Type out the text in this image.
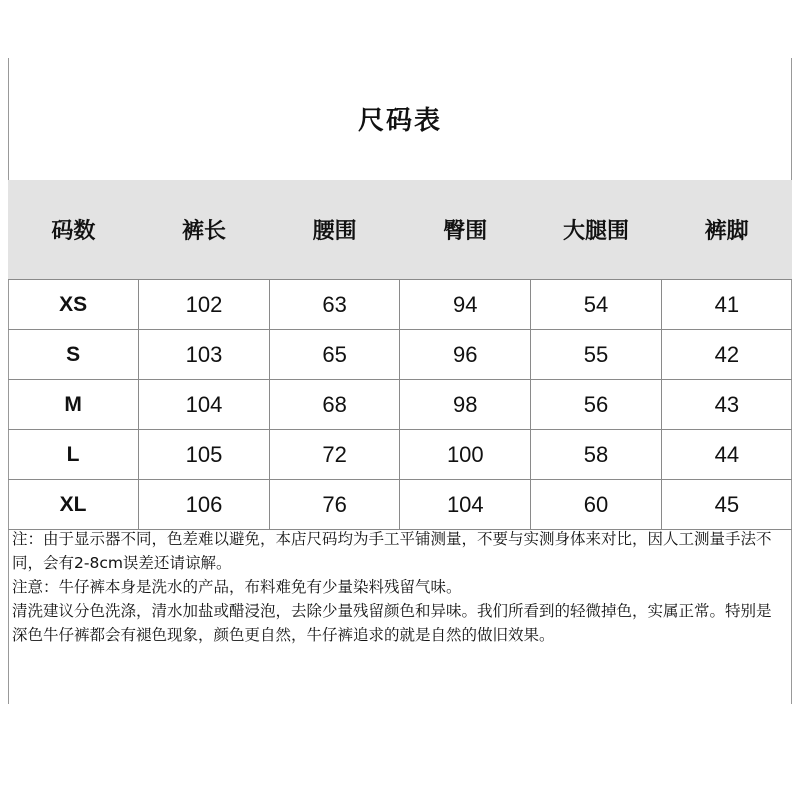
尺码表
码数	裤长	腰围	臀围	大腿围	裤脚
XS	102	63	94	54	41
S	103	65	96	55	42
M	104	68	98	56	43
L	105	72	100	58	44
XL	106	76	104	60	45

注：由于显示器不同，色差难以避免，本店尺码均为手工平铺测量，不要与实测身体来对比，因人工测量手法不同，会有2-8cm误差还请谅解。

注意：牛仔裤本身是洗水的产品，布料难免有少量染料残留气味。

清洗建议分色洗涤，清水加盐或醋浸泡，去除少量残留颜色和异味。我们所看到的轻微掉色，实属正常。特别是深色牛仔裤都会有褪色现象，颜色更自然，牛仔裤追求的就是自然的做旧效果。
